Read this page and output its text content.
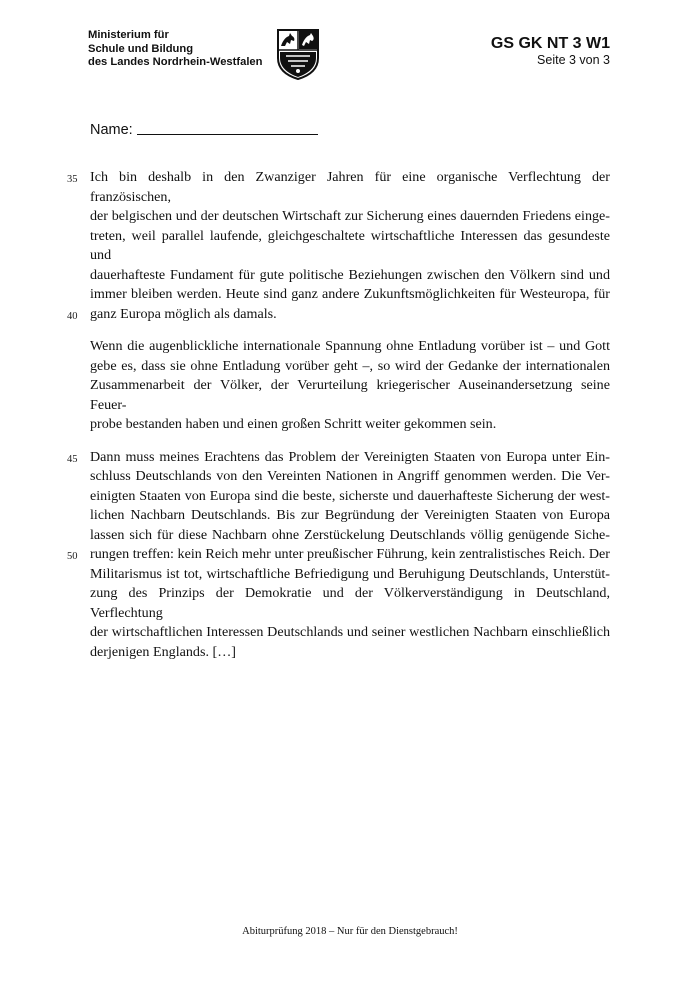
Ministerium für
Schule und Bildung
des Landes Nordrhein-Westfalen
GS GK NT 3 W1
Seite 3 von 3
Name:
35 Ich bin deshalb in den Zwanziger Jahren für eine organische Verflechtung der französischen,
der belgischen und der deutschen Wirtschaft zur Sicherung eines dauernden Friedens einge-
treten, weil parallel laufende, gleichgeschaltete wirtschaftliche Interessen das gesundeste und
dauerhafteste Fundament für gute politische Beziehungen zwischen den Völkern sind und
immer bleiben werden. Heute sind ganz andere Zukunftsmöglichkeiten für Westeuropa, für
40 ganz Europa möglich als damals.
Wenn die augenblickliche internationale Spannung ohne Entladung vorüber ist – und Gott
gebe es, dass sie ohne Entladung vorüber geht –, so wird der Gedanke der internationalen
Zusammenarbeit der Völker, der Verurteilung kriegerischer Auseinandersetzung seine Feuer-
probe bestanden haben und einen großen Schritt weiter gekommen sein.
45 Dann muss meines Erachtens das Problem der Vereinigten Staaten von Europa unter Ein-
schluss Deutschlands von den Vereinten Nationen in Angriff genommen werden. Die Ver-
einigten Staaten von Europa sind die beste, sicherste und dauerhafteste Sicherung der west-
lichen Nachbarn Deutschlands. Bis zur Begründung der Vereinigten Staaten von Europa
lassen sich für diese Nachbarn ohne Zerstückelung Deutschlands völlig genügende Siche-
50 rungen treffen: kein Reich mehr unter preußischer Führung, kein zentralistisches Reich. Der
Militarismus ist tot, wirtschaftliche Befriedigung und Beruhigung Deutschlands, Unterstüt-
zung des Prinzips der Demokratie und der Völkerverständigung in Deutschland, Verflechtung
der wirtschaftlichen Interessen Deutschlands und seiner westlichen Nachbarn einschließlich
derjenigen Englands. […]
Abiturprüfung 2018 – Nur für den Dienstgebrauch!
